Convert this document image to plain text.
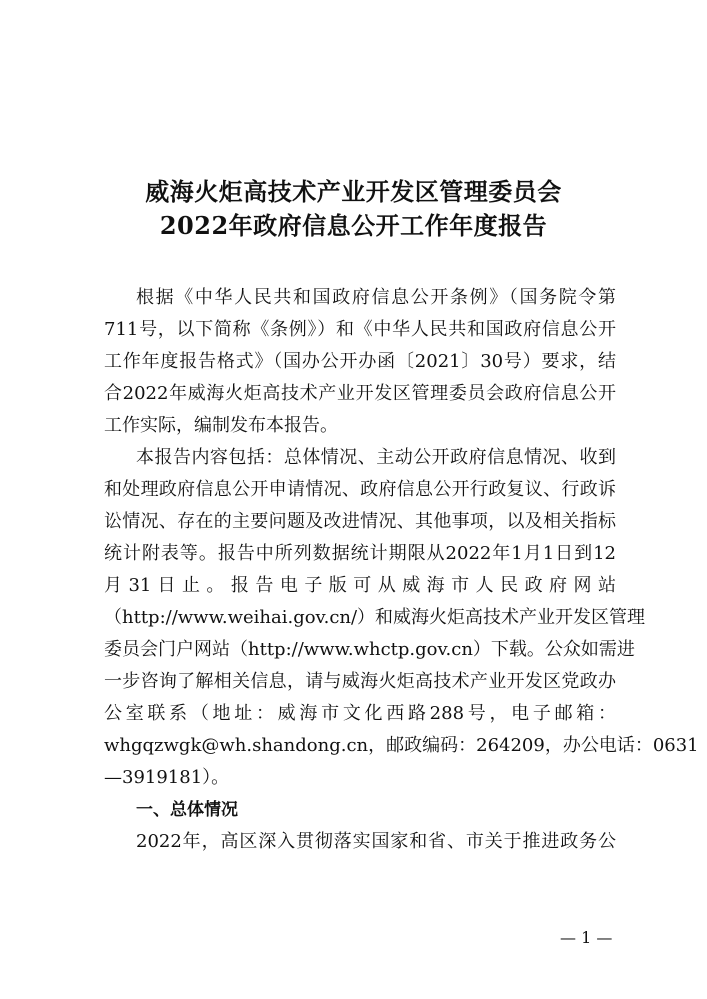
威海火炬高技术产业开发区管理委员会
2022年政府信息公开工作年度报告
根据《中华人民共和国政府信息公开条例》（国务院令第
711号，以下简称《条例》）和《中华人民共和国政府信息公开
工作年度报告格式》（国办公开办函〔2021〕30号）要求，结
合2022年威海火炬高技术产业开发区管理委员会政府信息公开
工作实际，编制发布本报告。
本报告内容包括：总体情况、主动公开政府信息情况、收到
和处理政府信息公开申请情况、政府信息公开行政复议、行政诉
讼情况、存在的主要问题及改进情况、其他事项，以及相关指标
统计附表等。报告中所列数据统计期限从2022年1月1日到12
月 31 日 止 。 报 告 电 子 版 可 从 威 海 市 人 民 政 府 网 站
（http://www.weihai.gov.cn/）和威海火炬高技术产业开发区管理
委员会门户网站（http://www.whctp.gov.cn）下载。公众如需进
一步咨询了解相关信息，请与威海火炬高技术产业开发区党政办
公室联系（地址：威海市文化西路288号，电子邮箱：
whgqzwgk@wh.shandong.cn，邮政编码：264209，办公电话：0631
—3919181）。
一、总体情况
2022年，高区深入贯彻落实国家和省、市关于推进政务公
— 1 —
